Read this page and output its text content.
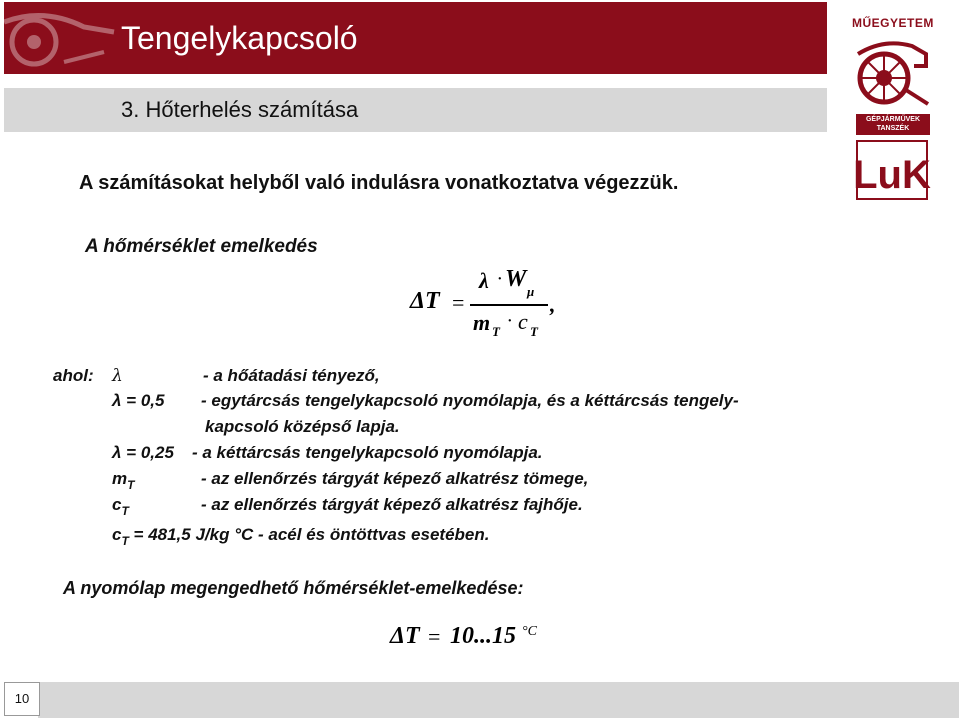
Tengelykapcsoló
3. Hőterhelés számítása
MŰEGYETEM
GÉPJÁRMŰVEK
TANSZÉK
LuK
A számításokat helyből való indulásra vonatkoztatva végezzük.
A hőmérséklet emelkedés
ΔT =
λ · W μ
m T · c T
,
ahol: λ	- a hőátadási tényező,
λ = 0,5 - egytárcsás tengelykapcsoló nyomólapja, és a kéttárcsás tengely-
kapcsoló középső lapja.
λ = 0,25 - a kéttárcsás tengelykapcsoló nyomólapja.
$m_T$	- az ellenőrzés tárgyát képező alkatrész tömege,
$c_T$	- az ellenőrzés tárgyát képező alkatrész fajhője.
$c_T = 481,5$ J/kg °C - acél és öntöttvas esetében.
A nyomólap megengedhető hőmérséklet-emelkedése:
ΔT = 10...15 °C
10
